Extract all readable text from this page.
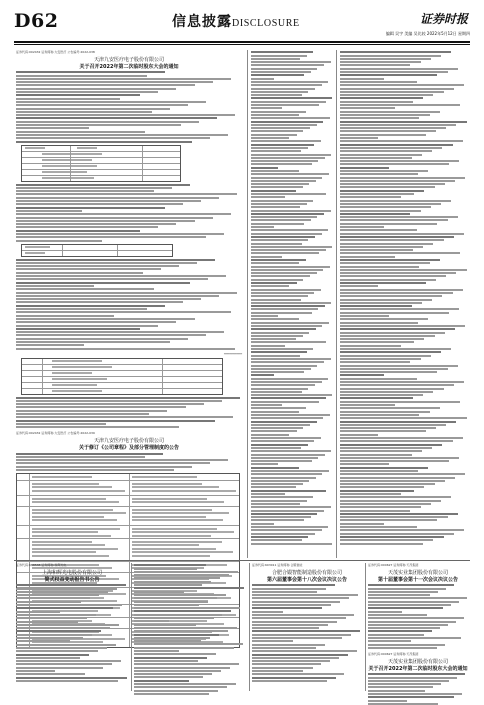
D62	信息披露DISCLOSURE	证券时报
编辑 吴宇 美编 吴比较 2022年5月12日 星期四
证券代码:002432 证券简称:九安医疗 公告编号:2022-038
天津九安医疗电子股份有限公司
关于召开2022年第二次临时股东大会的通知
━━━━━━━━━━
证券代码:002432 证券简称:九安医疗 公告编号:2022-039
天津九安医疗电子股份有限公司
关于修订《公司章程》及部分管理制度的公告
证券代码:688538 证券简称:和辉光电
上海和辉光电股份有限公司
简式权益变动报告书公告
证券代码:603011 证券简称:合锻智能
合肥合锻智能制造股份有限公司
第六届董事会第十八次会议决议公告
证券代码:000627 证券简称:天茂集团
天茂实业集团股份有限公司
第十届董事会第十一次会议决议公告
证券代码:000627 证券简称:天茂集团
天茂实业集团股份有限公司
关于召开2022年第二次临时股东大会的通知
